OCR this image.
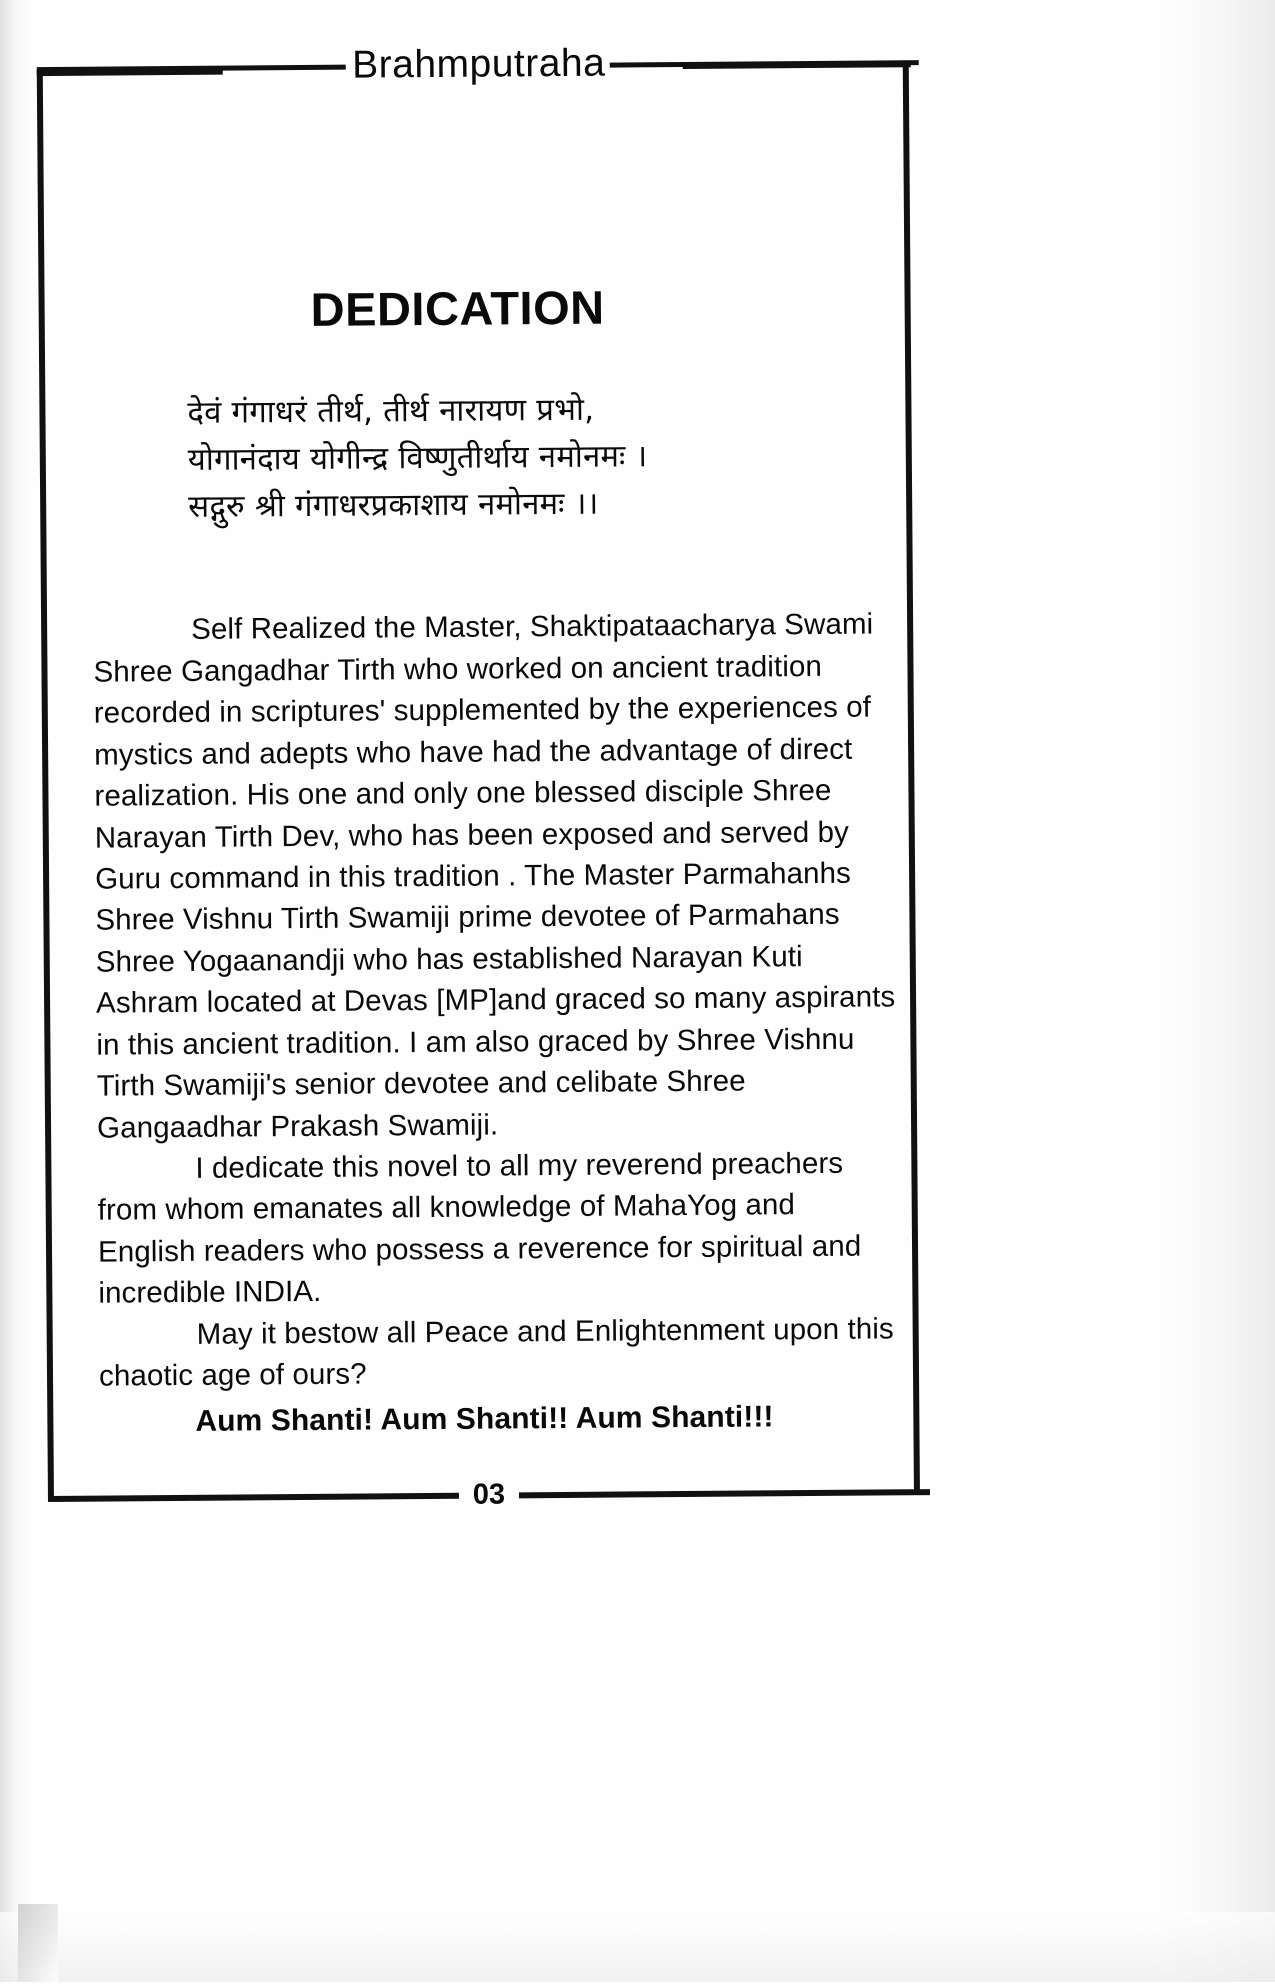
Brahmputraha
DEDICATION
देवं गंगाधरं तीर्थ, तीर्थ नारायण प्रभो,
योगानंदाय योगीन्द्र विष्णुतीर्थाय नमोनमः ।
सद्गुरु श्री गंगाधरप्रकाशाय नमोनमः ।।
Self Realized the Master, Shaktipataacharya Swami
Shree Gangadhar Tirth who worked on ancient tradition
recorded in scriptures' supplemented by the experiences of
mystics and adepts who have had the advantage of direct
realization. His one and only one blessed disciple Shree
Narayan Tirth Dev, who has been exposed and served by
Guru command in this tradition . The Master Parmahanhs
Shree Vishnu Tirth Swamiji prime devotee of Parmahans
Shree Yogaanandji who has established Narayan Kuti
Ashram located at Devas [MP]and graced so many aspirants
in this ancient tradition. I am also graced by Shree Vishnu
Tirth Swamiji's senior devotee and celibate Shree
Gangaadhar Prakash Swamiji.
I dedicate this novel to all my reverend preachers
from whom emanates all knowledge of MahaYog and
English readers who possess a reverence for spiritual and
incredible INDIA.
May it bestow all Peace and Enlightenment upon this
chaotic age of ours?
Aum Shanti! Aum Shanti!! Aum Shanti!!!
03
